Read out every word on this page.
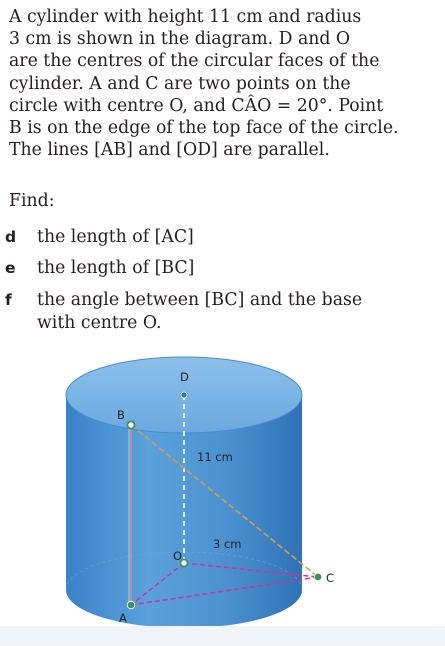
A cylinder with height 11 cm and radius
3 cm is shown in the diagram. D and O
are the centres of the circular faces of the
cylinder. A and C are two points on the
circle with centre O, and CÂO = 20°. Point
B is on the edge of the top face of the circle.
The lines [AB] and [OD] are parallel.
Find:
d the length of [AC]
e the length of [BC]
f the angle between [BC] and the base
with centre O.
D
B
11 cm
3 cm
O
C
A
